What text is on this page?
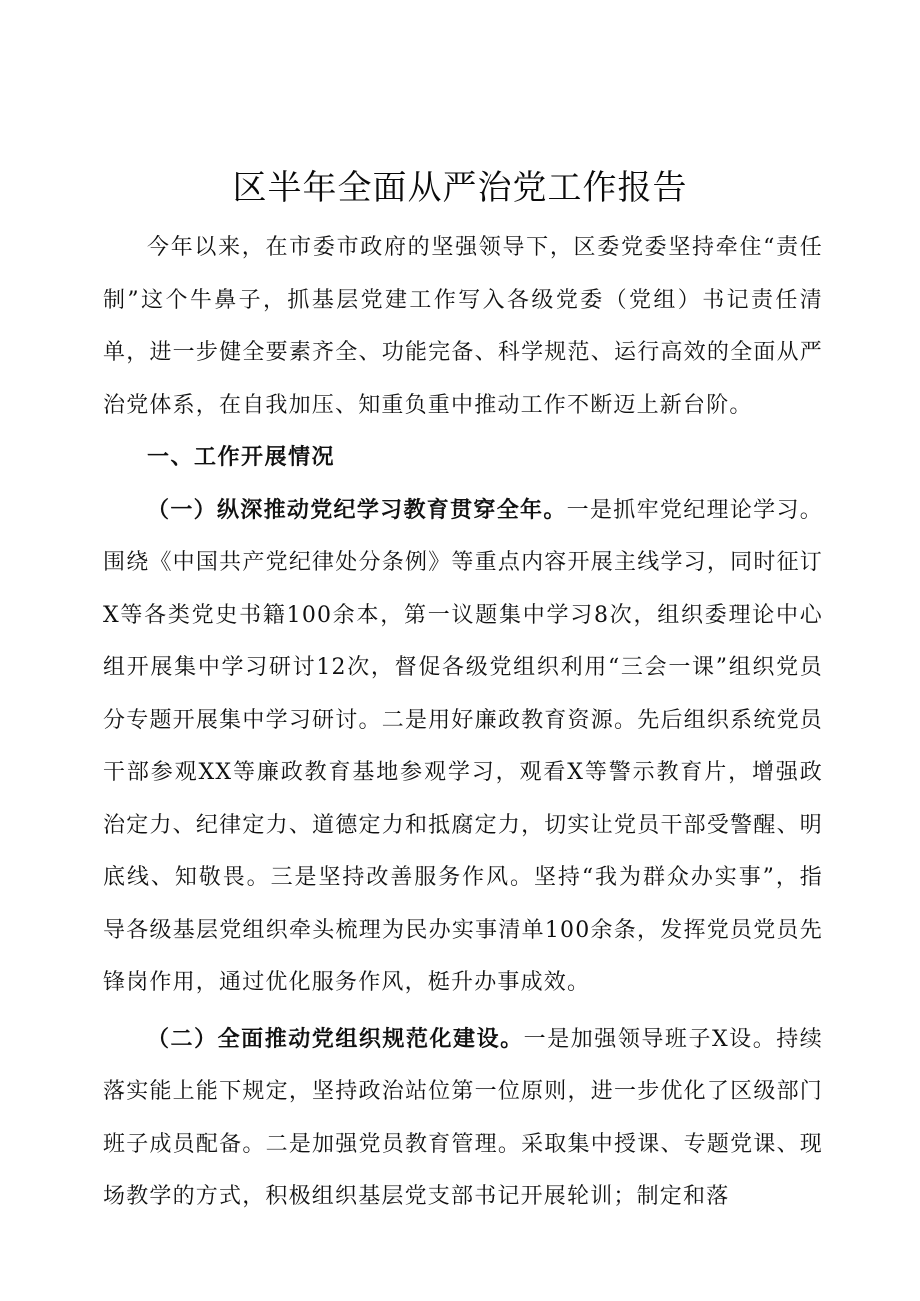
区半年全面从严治党工作报告

今年以来，在市委市政府的坚强领导下，区委党委坚持牵住“责任制”这个牛鼻子，抓基层党建工作写入各级党委（党组）书记责任清单，进一步健全要素齐全、功能完备、科学规范、运行高效的全面从严治党体系，在自我加压、知重负重中推动工作不断迈上新台阶。

一、工作开展情况

（一）纵深推动党纪学习教育贯穿全年。一是抓牢党纪理论学习。围绕《中国共产党纪律处分条例》等重点内容开展主线学习，同时征订X等各类党史书籍100余本，第一议题集中学习8次，组织委理论中心组开展集中学习研讨12次，督促各级党组织利用“三会一课”组织党员分专题开展集中学习研讨。二是用好廉政教育资源。先后组织系统党员干部参观XX等廉政教育基地参观学习，观看X等警示教育片，增强政治定力、纪律定力、道德定力和抵腐定力，切实让党员干部受警醒、明底线、知敬畏。三是坚持改善服务作风。坚持“我为群众办实事”，指导各级基层党组织牵头梳理为民办实事清单100余条，发挥党员党员先锋岗作用，通过优化服务作风，梃升办事成效。

（二）全面推动党组织规范化建设。一是加强领导班子X设。持续落实能上能下规定，坚持政治站位第一位原则，进一步优化了区级部门班子成员配备。二是加强党员教育管理。采取集中授课、专题党课、现场教学的方式，积极组织基层党支部书记开展轮训；制定和落
